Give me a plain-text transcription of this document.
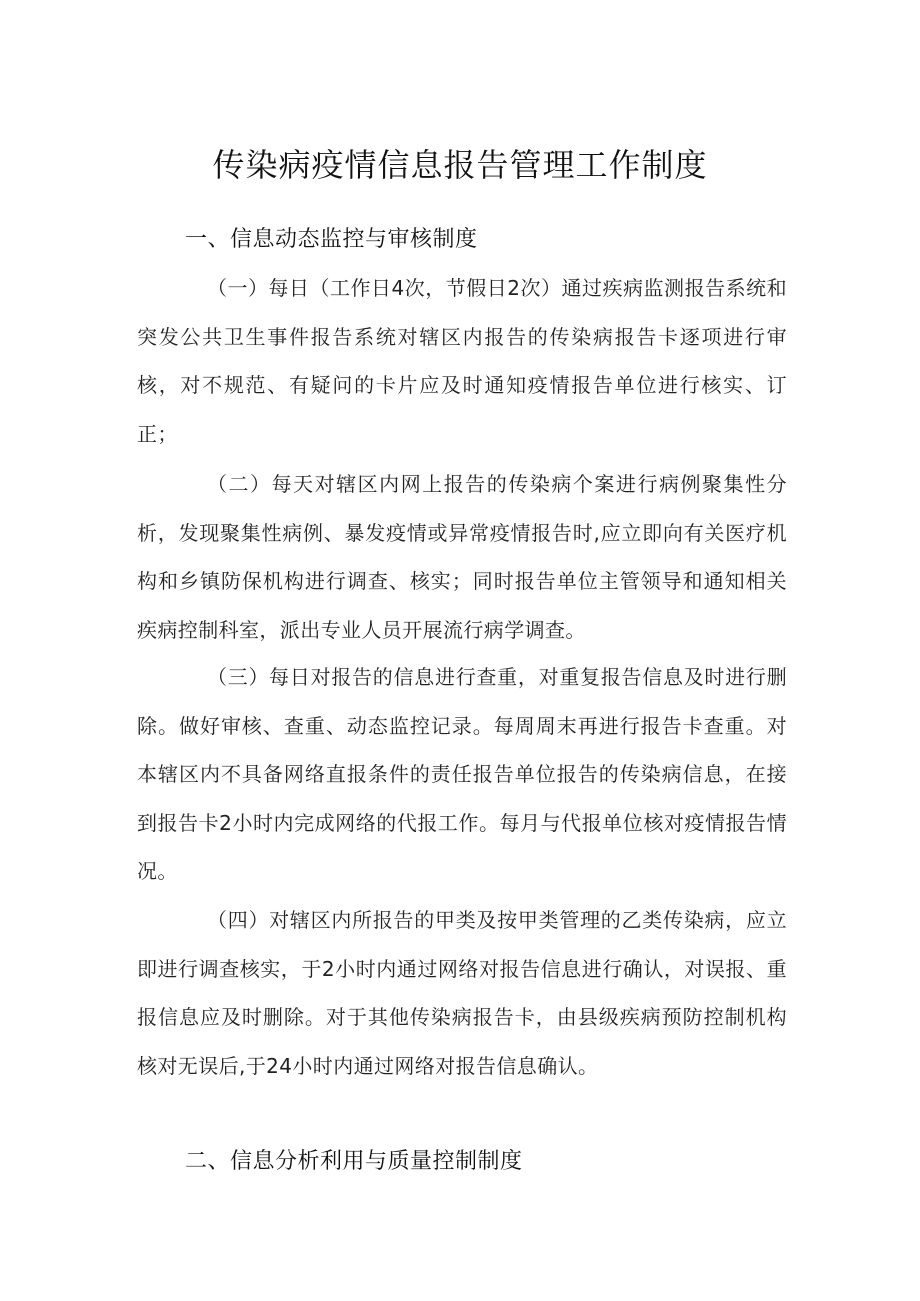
传染病疫情信息报告管理工作制度
一、信息动态监控与审核制度

（一）每日（工作日4次，节假日2次）通过疾病监测报告系统和突发公共卫生事件报告系统对辖区内报告的传染病报告卡逐项进行审核，对不规范、有疑问的卡片应及时通知疫情报告单位进行核实、订正；

（二）每天对辖区内网上报告的传染病个案进行病例聚集性分析，发现聚集性病例、暴发疫情或异常疫情报告时,应立即向有关医疗机构和乡镇防保机构进行调查、核实；同时报告单位主管领导和通知相关疾病控制科室，派出专业人员开展流行病学调查。

（三）每日对报告的信息进行查重，对重复报告信息及时进行删除。做好审核、查重、动态监控记录。每周周末再进行报告卡查重。对本辖区内不具备网络直报条件的责任报告单位报告的传染病信息，在接到报告卡2小时内完成网络的代报工作。每月与代报单位核对疫情报告情况。

（四）对辖区内所报告的甲类及按甲类管理的乙类传染病，应立即进行调查核实，于2小时内通过网络对报告信息进行确认，对误报、重报信息应及时删除。对于其他传染病报告卡，由县级疾病预防控制机构核对无误后,于24小时内通过网络对报告信息确认。

二、信息分析利用与质量控制制度
